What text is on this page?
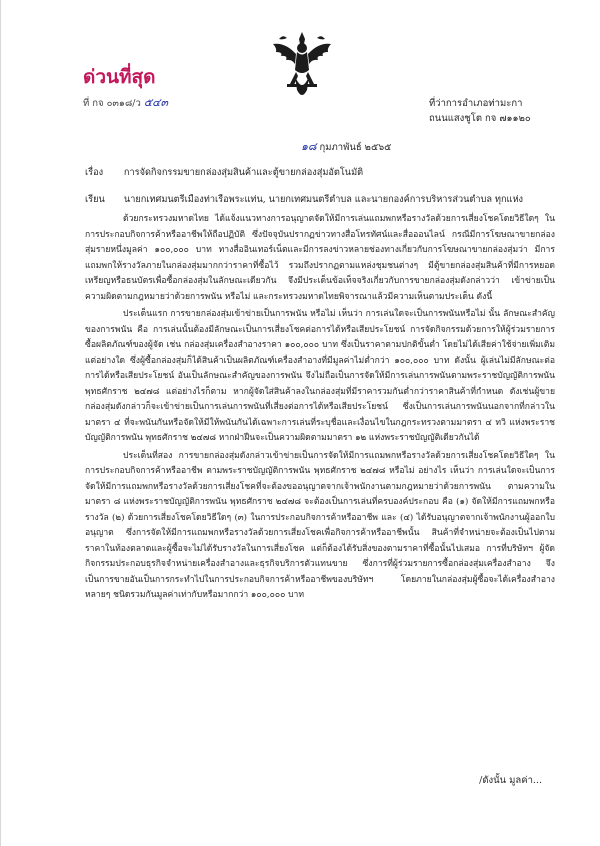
ด่วนที่สุด
ที่ กจ ๐๓๑๘/ว ๕๔๓	ที่ว่าการอำเภอท่ามะกา
ถนนแสงชูโต กจ ๗๑๑๒๐
๑๘ กุมภาพันธ์ ๒๕๖๕
เรื่อง การจัดกิจกรรมขายกล่องสุ่มสินค้าและตู้ขายกล่องสุ่มอัตโนมัติ
เรียน นายกเทศมนตรีเมืองท่าเรือพระแท่น, นายกเทศมนตรีตำบล และนายกองค์การบริหารส่วนตำบล ทุกแห่ง

ด้วยกระทรวงมหาดไทย ได้แจ้งแนวทางการอนุญาตจัดให้มีการเล่นแถมพกหรือรางวัลด้วยการเสี่ยงโชคโดยวิธีใดๆ ในการประกอบกิจการค้าหรืออาชีพให้ถือปฏิบัติ ซึ่งปัจจุบันปรากฏข่าวทางสื่อโทรทัศน์และสื่อออนไลน์ กรณีมีการโฆษณาขายกล่องสุ่มรายหนึ่งมูลค่า ๑๐๐,๐๐๐ บาท ทางสื่ออินเทอร์เน็ตและมีการลงข่าวหลายช่องทางเกี่ยวกับการโฆษณาขายกล่องสุ่มว่า มีการแถมพกให้รางวัลภายในกล่องสุ่มมากกว่าราคาที่ซื้อไว้ รวมถึงปรากฏตามแหล่งชุมชนต่างๆ มีตู้ขายกล่องสุ่มสินค้าที่มีการหยอดเหรียญหรือธนบัตรเพื่อซื้อกล่องสุ่มในลักษณะเดียวกัน จึงมีประเด็นข้อเท็จจริงเกี่ยวกับการขายกล่องสุ่มดังกล่าวว่า เข้าข่ายเป็นความผิดตามกฎหมายว่าด้วยการพนัน หรือไม่ และกระทรวงมหาดไทยพิจารณาแล้วมีความเห็นตามประเด็น ดังนี้

ประเด็นแรก การขายกล่องสุ่มเข้าข่ายเป็นการพนัน หรือไม่ เห็นว่า การเล่นใดจะเป็นการพนันหรือไม่ นั้น ลักษณะสำคัญของการพนัน คือ การเล่นนั้นต้องมีลักษณะเป็นการเสี่ยงโชคต่อการได้หรือเสียประโยชน์ การจัดกิจกรรมด้วยการให้ผู้ร่วมรายการซื้อผลิตภัณฑ์ของผู้จัด เช่น กล่องสุ่มเครื่องสำอางราคา ๑๐๐,๐๐๐ บาท ซึ่งเป็นราคาตามปกติขั้นต่ำ โดยไม่ได้เสียค่าใช้จ่ายเพิ่มเติมแต่อย่างใด ซึ่งผู้ซื้อกล่องสุ่มก็ได้สินค้าเป็นผลิตภัณฑ์เครื่องสำอางที่มีมูลค่าไม่ต่ำกว่า ๑๐๐,๐๐๐ บาท ดังนั้น ผู้เล่นไม่มีลักษณะต่อการได้หรือเสียประโยชน์ อันเป็นลักษณะสำคัญของการพนัน จึงไม่ถือเป็นการจัดให้มีการเล่นการพนันตามพระราชบัญญัติการพนัน พุทธศักราช ๒๔๗๘ แต่อย่างไรก็ตาม หากผู้จัดใส่สินค้าลงในกล่องสุ่มที่มีราคารวมกันต่ำกว่าราคาสินค้าที่กำหนด ดังเช่นผู้ขายกล่องสุ่มดังกล่าวก็จะเข้าข่ายเป็นการเล่นการพนันที่เสี่ยงต่อการได้หรือเสียประโยชน์ ซึ่งเป็นการเล่นการพนันนอกจากที่กล่าวในมาตรา ๔ ที่จะพนันกันหรือจัดให้มีให้พนันกันได้เฉพาะการเล่นที่ระบุชื่อและเงื่อนไขในกฎกระทรวงตามมาตรา ๔ ทวิ แห่งพระราชบัญญัติการพนัน พุทธศักราช ๒๔๗๘ หากฝ่าฝืนจะเป็นความผิดตามมาตรา ๑๒ แห่งพระราชบัญญัติเดียวกันได้

ประเด็นที่สอง การขายกล่องสุ่มดังกล่าวเข้าข่ายเป็นการจัดให้มีการแถมพกหรือรางวัลด้วยการเสี่ยงโชคโดยวิธีใดๆ ในการประกอบกิจการค้าหรืออาชีพ ตามพระราชบัญญัติการพนัน พุทธศักราช ๒๔๗๘ หรือไม่ อย่างไร เห็นว่า การเล่นใดจะเป็นการจัดให้มีการแถมพกหรือรางวัลด้วยการเสี่ยงโชคที่จะต้องขออนุญาตจากเจ้าพนักงานตามกฎหมายว่าด้วยการพนัน ตามความในมาตรา ๘ แห่งพระราชบัญญัติการพนัน พุทธศักราช ๒๔๗๘ จะต้องเป็นการเล่นที่ครบองค์ประกอบ คือ (๑) จัดให้มีการแถมพกหรือรางวัล (๒) ด้วยการเสี่ยงโชคโดยวิธีใดๆ (๓) ในการประกอบกิจการค้าหรืออาชีพ และ (๔) ได้รับอนุญาตจากเจ้าพนักงานผู้ออกใบอนุญาต ซึ่งการจัดให้มีการแถมพกหรือรางวัลด้วยการเสี่ยงโชคเพื่อกิจการค้าหรืออาชีพนั้น สินค้าที่จำหน่ายจะต้องเป็นไปตามราคาในท้องตลาดและผู้ซื้อจะไม่ได้รับรางวัลในการเสี่ยงโชค แต่ก็ต้องได้รับสิ่งของตามราคาที่ซื้อนั้นไปเสมอ การที่บริษัทฯ ผู้จัดกิจกรรมประกอบธุรกิจจำหน่ายเครื่องสำอางและธุรกิจบริการตัวแทนขาย ซึ่งการที่ผู้ร่วมรายการซื้อกล่องสุ่มเครื่องสำอาง จึงเป็นการขายอันเป็นการกระทำไปในการประกอบกิจการค้าหรืออาชีพของบริษัทฯ โดยภายในกล่องสุ่มผู้ซื้อจะได้เครื่องสำอางหลายๆ ชนิดรวมกันมูลค่าเท่ากับหรือมากกว่า ๑๐๐,๐๐๐ บาท

/ดังนั้น มูลค่า...
